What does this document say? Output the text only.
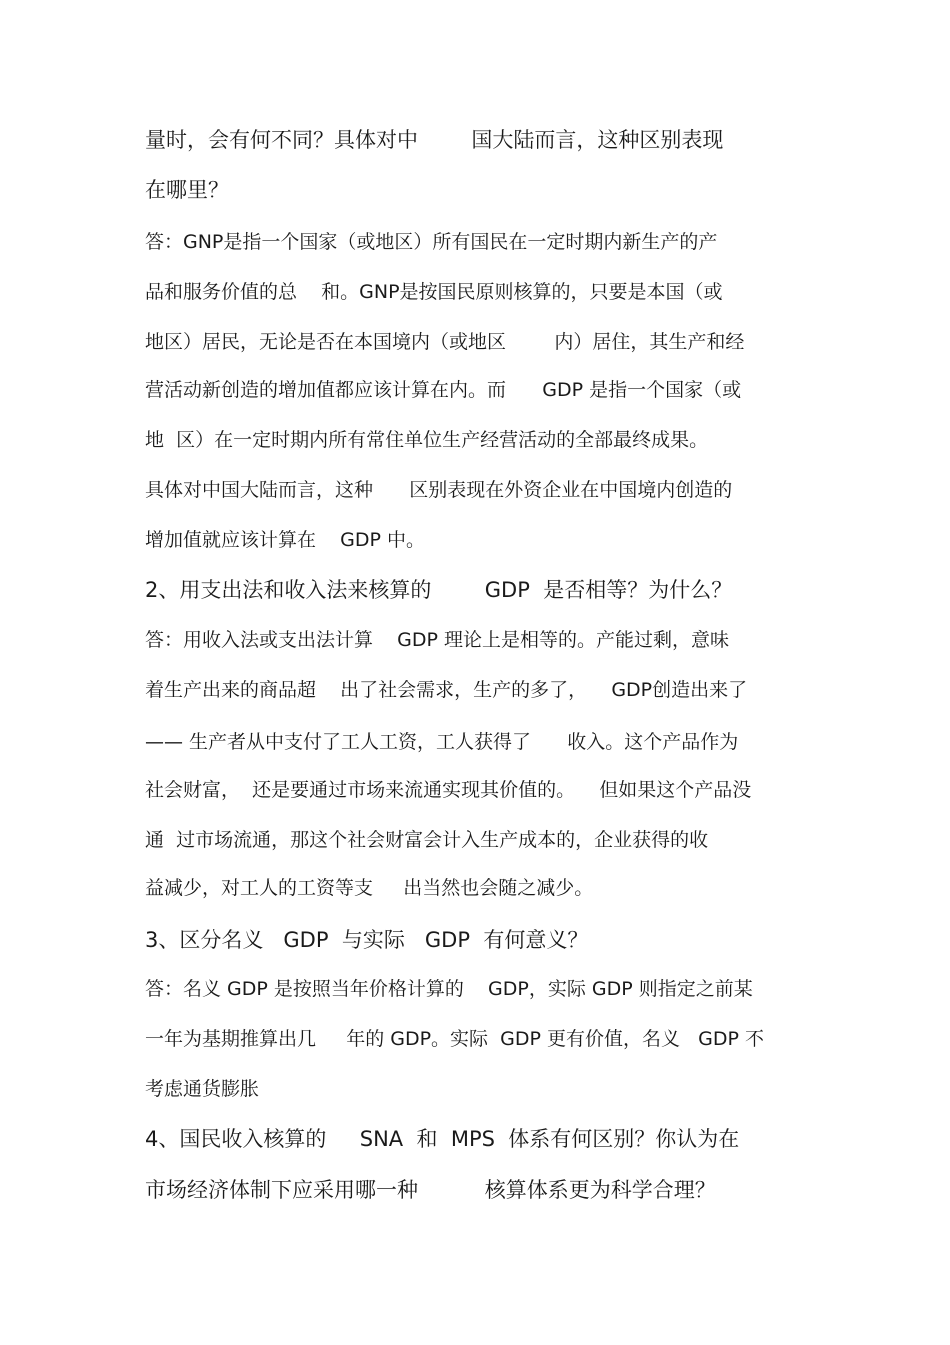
量时，会有何不同？具体对中        国大陆而言，这种区别表现
在哪里？
答：GNP是指一个国家（或地区）所有国民在一定时期内新生产的产
品和服务价值的总    和。GNP是按国民原则核算的，只要是本国（或
地区）居民，无论是否在本国境内（或地区        内）居住，其生产和经
营活动新创造的增加值都应该计算在内。而      GDP 是指一个国家（或
地  区）在一定时期内所有常住单位生产经营活动的全部最终成果。
具体对中国大陆而言，这种      区别表现在外资企业在中国境内创造的
增加值就应该计算在    GDP 中。
2、用支出法和收入法来核算的        GDP  是否相等？为什么？
答：用收入法或支出法计算    GDP 理论上是相等的。产能过剩，意味
着生产出来的商品超    出了社会需求，生产的多了，    GDP创造出来了
—— 生产者从中支付了工人工资，工人获得了      收入。这个产品作为
社会财富，  还是要通过市场来流通实现其价值的。    但如果这个产品没
通  过市场流通，那这个社会财富会计入生产成本的，企业获得的收
益减少，对工人的工资等支     出当然也会随之减少。
3、区分名义   GDP  与实际   GDP  有何意义？
答：名义 GDP 是按照当年价格计算的    GDP，实际 GDP 则指定之前某
一年为基期推算出几     年的 GDP。实际  GDP 更有价值，名义   GDP 不
考虑通货膨胀
4、国民收入核算的     SNA  和  MPS  体系有何区别？你认为在
市场经济体制下应采用哪一种          核算体系更为科学合理？
